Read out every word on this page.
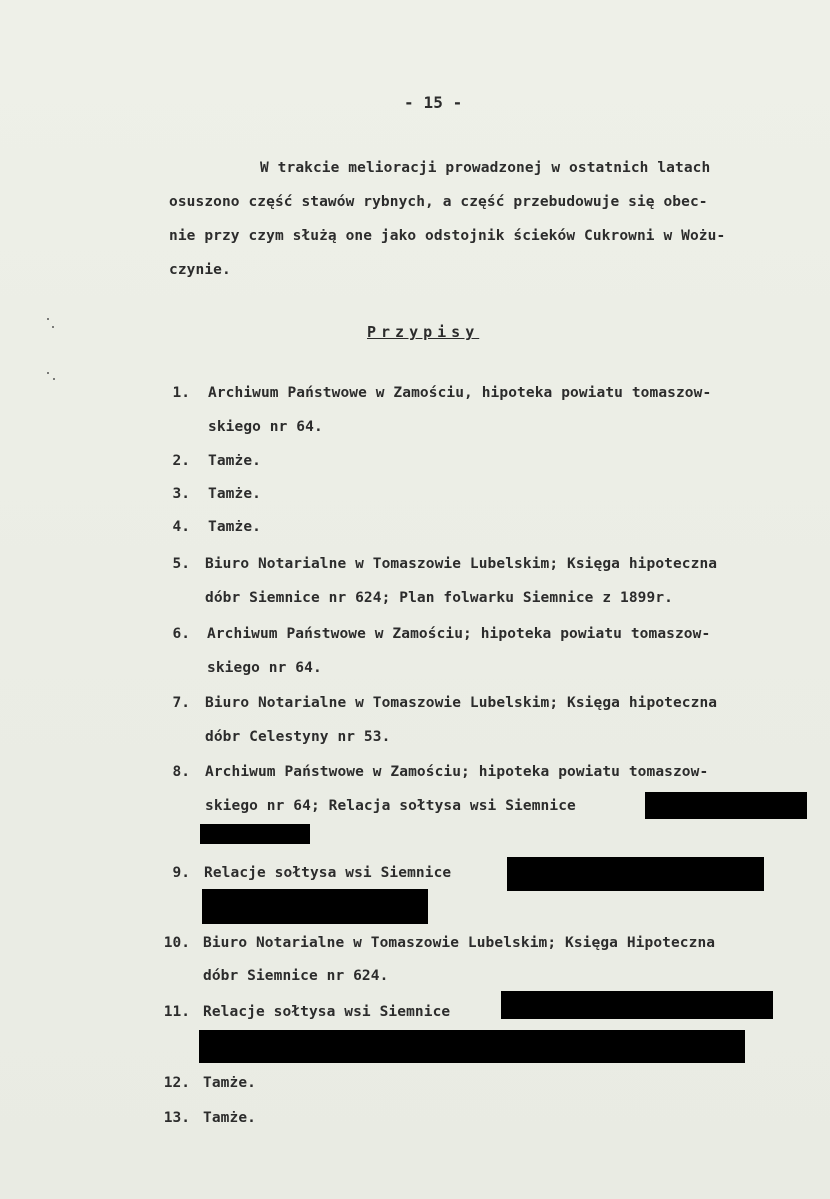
- 15 -
W trakcie melioracji prowadzonej w ostatnich latach
osuszono część stawów rybnych, a część przebudowuje się obec-
nie przy czym służą one jako odstojnik ścieków Cukrowni w Wożu-
czynie.
Przypisy
1. Archiwum Państwowe w Zamościu, hipoteka powiatu tomaszow-
skiego nr 64.
2. Tamże.
3. Tamże.
4. Tamże.
5. Biuro Notarialne w Tomaszowie Lubelskim; Księga hipoteczna
dóbr Siemnice nr 624; Plan folwarku Siemnice z 1899r.
6. Archiwum Państwowe w Zamościu; hipoteka powiatu tomaszow-
skiego nr 64.
7. Biuro Notarialne w Tomaszowie Lubelskim; Księga hipoteczna
dóbr Celestyny nr 53.
8. Archiwum Państwowe w Zamościu; hipoteka powiatu tomaszow-
skiego nr 64; Relacja sołtysa wsi Siemnice
9. Relacje sołtysa wsi Siemnice
10. Biuro Notarialne w Tomaszowie Lubelskim; Księga Hipoteczna
dóbr Siemnice nr 624.
11. Relacje sołtysa wsi Siemnice
12. Tamże.
13. Tamże.
